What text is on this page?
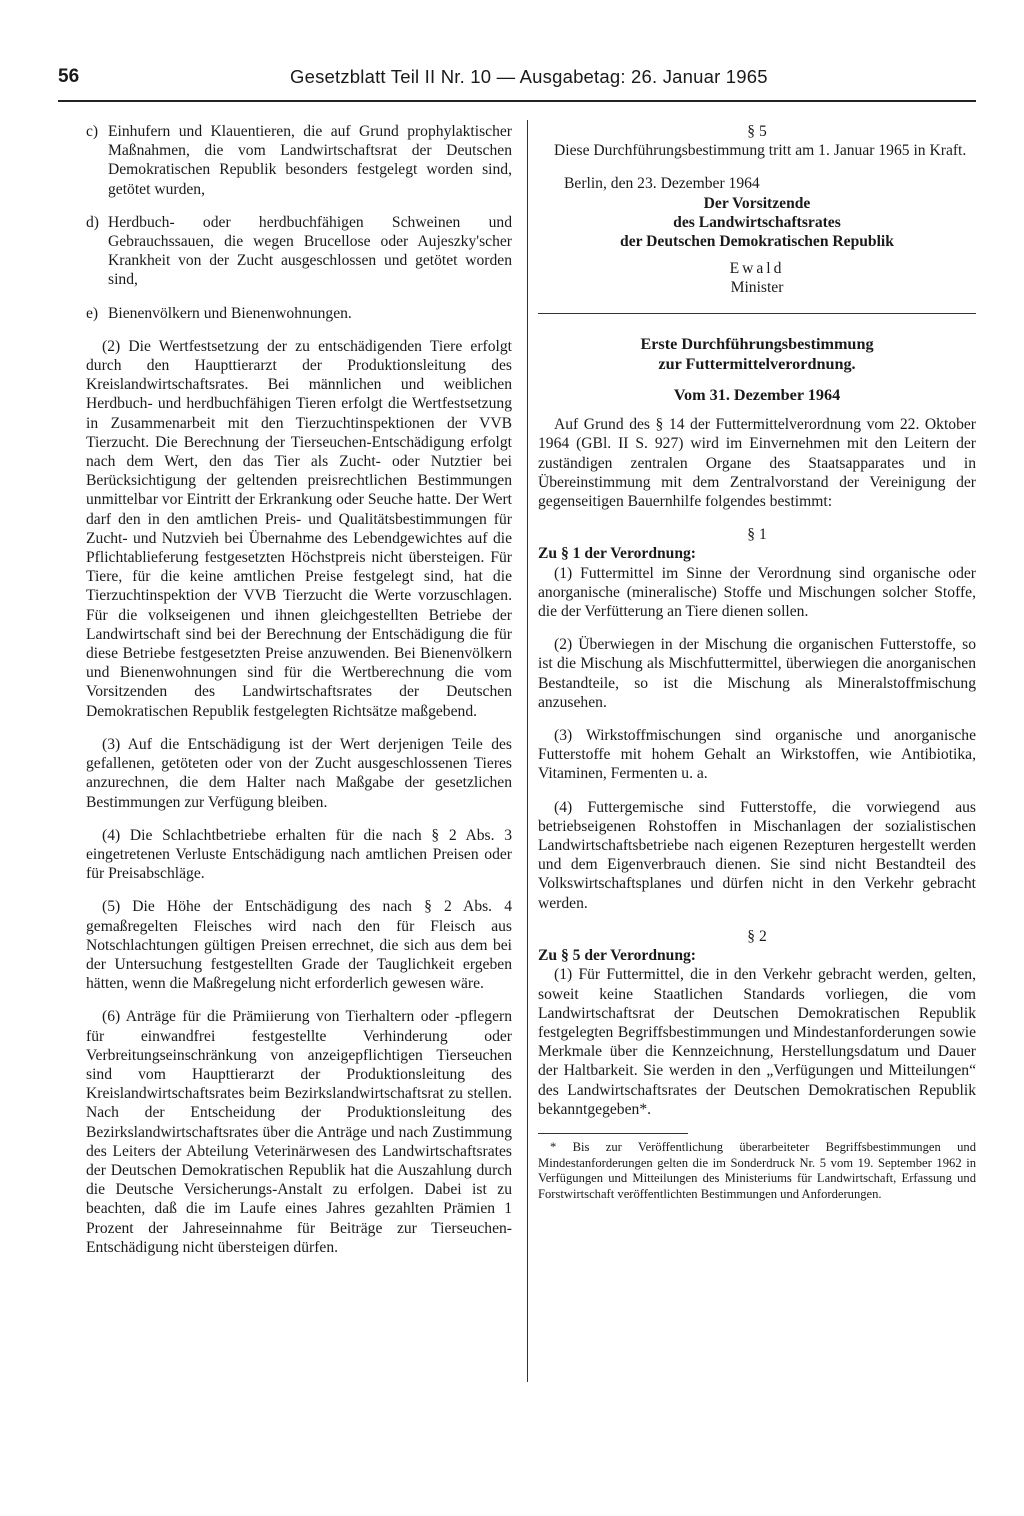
56	Gesetzblatt Teil II Nr. 10 — Ausgabetag: 26. Januar 1965
c) Einhufern und Klauentieren, die auf Grund prophylaktischer Maßnahmen, die vom Landwirtschaftsrat der Deutschen Demokratischen Republik besonders festgelegt worden sind, getötet wurden,
d) Herdbuch- oder herdbuchfähigen Schweinen und Gebrauchssauen, die wegen Brucellose oder Aujeszky'scher Krankheit von der Zucht ausgeschlossen und getötet worden sind,
e) Bienenvölkern und Bienenwohnungen.

(2) Die Wertfestsetzung der zu entschädigenden Tiere erfolgt durch den Haupttierarzt der Produktionsleitung des Kreislandwirtschaftsrates. Bei männlichen und weiblichen Herdbuch- und herdbuchfähigen Tieren erfolgt die Wertfestsetzung in Zusammenarbeit mit den Tierzuchtinspektionen der VVB Tierzucht. Die Berechnung der Tierseuchen-Entschädigung erfolgt nach dem Wert, den das Tier als Zucht- oder Nutztier bei Berücksichtigung der geltenden preisrechtlichen Bestimmungen unmittelbar vor Eintritt der Erkrankung oder Seuche hatte. Der Wert darf den in den amtlichen Preis- und Qualitätsbestimmungen für Zucht- und Nutzvieh bei Übernahme des Lebendgewichtes auf die Pflichtablieferung festgesetzten Höchstpreis nicht übersteigen. Für Tiere, für die keine amtlichen Preise festgelegt sind, hat die Tierzuchtinspektion der VVB Tierzucht die Werte vorzuschlagen. Für die volkseigenen und ihnen gleichgestellten Betriebe der Landwirtschaft sind bei der Berechnung der Entschädigung die für diese Betriebe festgesetzten Preise anzuwenden. Bei Bienenvölkern und Bienenwohnungen sind für die Wertberechnung die vom Vorsitzenden des Landwirtschaftsrates der Deutschen Demokratischen Republik festgelegten Richtsätze maßgebend.

(3) Auf die Entschädigung ist der Wert derjenigen Teile des gefallenen, getöteten oder von der Zucht ausgeschlossenen Tieres anzurechnen, die dem Halter nach Maßgabe der gesetzlichen Bestimmungen zur Verfügung bleiben.

(4) Die Schlachtbetriebe erhalten für die nach § 2 Abs. 3 eingetretenen Verluste Entschädigung nach amtlichen Preisen oder für Preisabschläge.

(5) Die Höhe der Entschädigung des nach § 2 Abs. 4 gemaßregelten Fleisches wird nach den für Fleisch aus Notschlachtungen gültigen Preisen errechnet, die sich aus dem bei der Untersuchung festgestellten Grade der Tauglichkeit ergeben hätten, wenn die Maßregelung nicht erforderlich gewesen wäre.

(6) Anträge für die Prämiierung von Tierhaltern oder -pflegern für einwandfrei festgestellte Verhinderung oder Verbreitungseinschränkung von anzeigepflichtigen Tierseuchen sind vom Haupttierarzt der Produktionsleitung des Kreislandwirtschaftsrates beim Bezirkslandwirtschaftsrat zu stellen. Nach der Entscheidung der Produktionsleitung des Bezirkslandwirtschaftsrates über die Anträge und nach Zustimmung des Leiters der Abteilung Veterinärwesen des Landwirtschaftsrates der Deutschen Demokratischen Republik hat die Auszahlung durch die Deutsche Versicherungs-Anstalt zu erfolgen. Dabei ist zu beachten, daß die im Laufe eines Jahres gezahlten Prämien 1 Prozent der Jahreseinnahme für Beiträge zur Tierseuchen-Entschädigung nicht übersteigen dürfen.

§ 5

Diese Durchführungsbestimmung tritt am 1. Januar 1965 in Kraft.

Berlin, den 23. Dezember 1964

Der Vorsitzende
des Landwirtschaftsrates
der Deutschen Demokratischen Republik
Ewald
Minister
Erste Durchführungsbestimmung
zur Futtermittelverordnung.
Vom 31. Dezember 1964

Auf Grund des § 14 der Futtermittelverordnung vom 22. Oktober 1964 (GBl. II S. 927) wird im Einvernehmen mit den Leitern der zuständigen zentralen Organe des Staatsapparates und in Übereinstimmung mit dem Zentralvorstand der Vereinigung der gegenseitigen Bauernhilfe folgendes bestimmt:

§ 1

Zu § 1 der Verordnung:

(1) Futtermittel im Sinne der Verordnung sind organische oder anorganische (mineralische) Stoffe und Mischungen solcher Stoffe, die der Verfütterung an Tiere dienen sollen.

(2) Überwiegen in der Mischung die organischen Futterstoffe, so ist die Mischung als Mischfuttermittel, überwiegen die anorganischen Bestandteile, so ist die Mischung als Mineralstoffmischung anzusehen.

(3) Wirkstoffmischungen sind organische und anorganische Futterstoffe mit hohem Gehalt an Wirkstoffen, wie Antibiotika, Vitaminen, Fermenten u. a.

(4) Futtergemische sind Futterstoffe, die vorwiegend aus betriebseigenen Rohstoffen in Mischanlagen der sozialistischen Landwirtschaftsbetriebe nach eigenen Rezepturen hergestellt werden und dem Eigenverbrauch dienen. Sie sind nicht Bestandteil des Volkswirtschaftsplanes und dürfen nicht in den Verkehr gebracht werden.

§ 2

Zu § 5 der Verordnung:

(1) Für Futtermittel, die in den Verkehr gebracht werden, gelten, soweit keine Staatlichen Standards vorliegen, die vom Landwirtschaftsrat der Deutschen Demokratischen Republik festgelegten Begriffsbestimmungen und Mindestanforderungen sowie Merkmale über die Kennzeichnung, Herstellungsdatum und Dauer der Haltbarkeit. Sie werden in den „Verfügungen und Mitteilungen“ des Landwirtschaftsrates der Deutschen Demokratischen Republik bekanntgegeben*.

* Bis zur Veröffentlichung überarbeiteter Begriffsbestimmungen und Mindestanforderungen gelten die im Sonderdruck Nr. 5 vom 19. September 1962 in Verfügungen und Mitteilungen des Ministeriums für Landwirtschaft, Erfassung und Forstwirtschaft veröffentlichten Bestimmungen und Anforderungen.
